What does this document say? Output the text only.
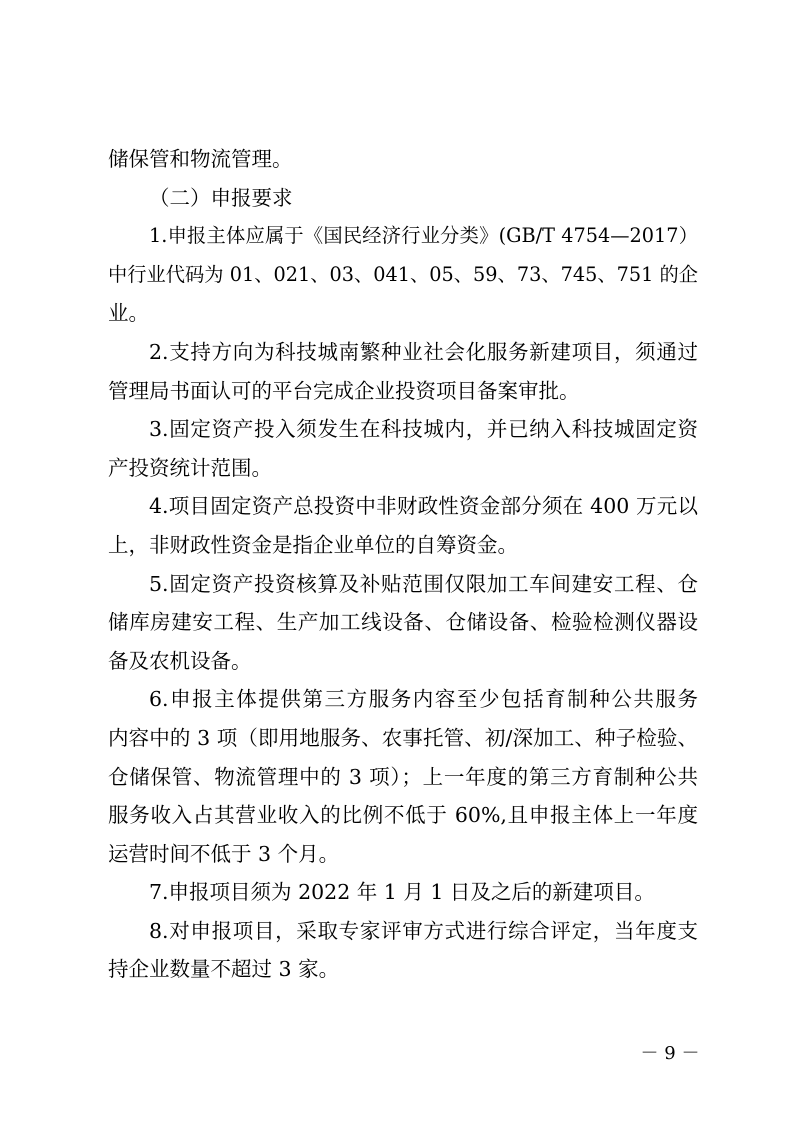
储保管和物流管理。
（二）申报要求
1.申报主体应属于《国民经济行业分类》(GB/T 4754—2017）
中行业代码为 01、021、03、041、05、59、73、745、751 的企
业。
2.支持方向为科技城南繁种业社会化服务新建项目，须通过
管理局书面认可的平台完成企业投资项目备案审批。
3.固定资产投入须发生在科技城内，并已纳入科技城固定资
产投资统计范围。
4.项目固定资产总投资中非财政性资金部分须在 400 万元以
上，非财政性资金是指企业单位的自筹资金。
5.固定资产投资核算及补贴范围仅限加工车间建安工程、仓
储库房建安工程、生产加工线设备、仓储设备、检验检测仪器设
备及农机设备。
6.申报主体提供第三方服务内容至少包括育制种公共服务
内容中的 3 项（即用地服务、农事托管、初/深加工、种子检验、
仓储保管、物流管理中的 3 项）；上一年度的第三方育制种公共
服务收入占其营业收入的比例不低于 60%,且申报主体上一年度
运营时间不低于 3 个月。
7.申报项目须为 2022 年 1 月 1 日及之后的新建项目。
8.对申报项目，采取专家评审方式进行综合评定，当年度支
持企业数量不超过 3 家。
－ 9 －
